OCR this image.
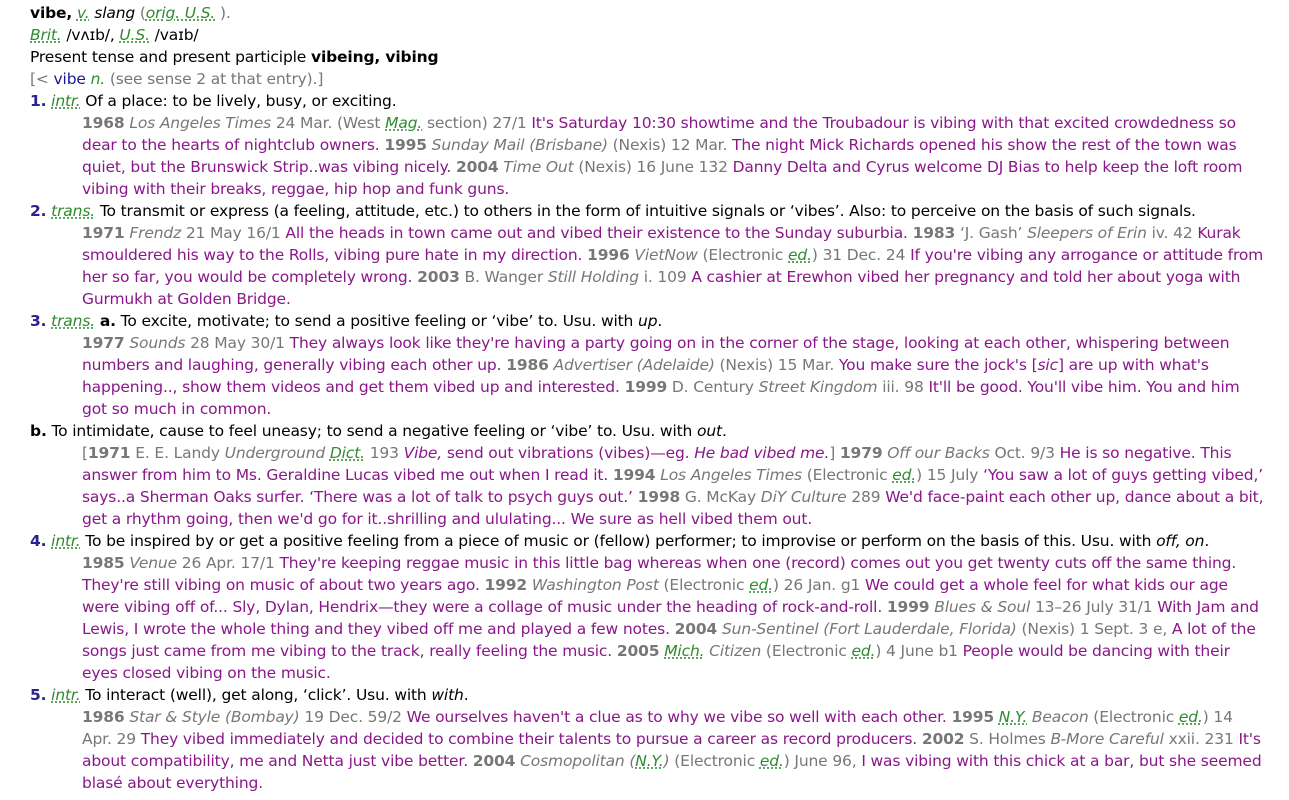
vibe, v. slang (orig. U.S. ).
Brit. /vʌɪb/, U.S. /vaɪb/
Present tense and present participle vibeing, vibing
[< vibe n. (see sense 2 at that entry).]
1. intr. Of a place: to be lively, busy, or exciting.

1968 Los Angeles Times 24 Mar. (West Mag. section) 27/1 It's Saturday 10:30 showtime and the Troubadour is vibing with that excited crowdedness so dear to the hearts of nightclub owners. 1995 Sunday Mail (Brisbane) (Nexis) 12 Mar. The night Mick Richards opened his show the rest of the town was quiet, but the Brunswick Strip..was vibing nicely. 2004 Time Out (Nexis) 16 June 132 Danny Delta and Cyrus welcome DJ Bias to help keep the loft room vibing with their breaks, reggae, hip hop and funk guns.

2. trans. To transmit or express (a feeling, attitude, etc.) to others in the form of intuitive signals or ‘vibes’. Also: to perceive on the basis of such signals.

1971 Frendz 21 May 16/1 All the heads in town came out and vibed their existence to the Sunday suburbia. 1983 ‘J. Gash’ Sleepers of Erin iv. 42 Kurak smouldered his way to the Rolls, vibing pure hate in my direction. 1996 VietNow (Electronic ed.) 31 Dec. 24 If you're vibing any arrogance or attitude from her so far, you would be completely wrong. 2003 B. Wanger Still Holding i. 109 A cashier at Erewhon vibed her pregnancy and told her about yoga with Gurmukh at Golden Bridge.

3. trans. a. To excite, motivate; to send a positive feeling or ‘vibe’ to. Usu. with up.

1977 Sounds 28 May 30/1 They always look like they're having a party going on in the corner of the stage, looking at each other, whispering between numbers and laughing, generally vibing each other up. 1986 Advertiser (Adelaide) (Nexis) 15 Mar. You make sure the jock's [sic] are up with what's happening.., show them videos and get them vibed up and interested. 1999 D. Century Street Kingdom iii. 98 It'll be good. You'll vibe him. You and him got so much in common.

b. To intimidate, cause to feel uneasy; to send a negative feeling or ‘vibe’ to. Usu. with out.

[1971 E. E. Landy Underground Dict. 193 Vibe, send out vibrations (vibes)—eg. He bad vibed me.] 1979 Off our Backs Oct. 9/3 He is so negative. This answer from him to Ms. Geraldine Lucas vibed me out when I read it. 1994 Los Angeles Times (Electronic ed.) 15 July ‘You saw a lot of guys getting vibed,’ says..a Sherman Oaks surfer. ‘There was a lot of talk to psych guys out.’ 1998 G. McKay DiY Culture 289 We'd face-paint each other up, dance about a bit, get a rhythm going, then we'd go for it..shrilling and ululating... We sure as hell vibed them out.

4. intr. To be inspired by or get a positive feeling from a piece of music or (fellow) performer; to improvise or perform on the basis of this. Usu. with off, on.

1985 Venue 26 Apr. 17/1 They're keeping reggae music in this little bag whereas when one (record) comes out you get twenty cuts off the same thing. They're still vibing on music of about two years ago. 1992 Washington Post (Electronic ed.) 26 Jan. g1 We could get a whole feel for what kids our age were vibing off of... Sly, Dylan, Hendrix—they were a collage of music under the heading of rock-and-roll. 1999 Blues & Soul 13–26 July 31/1 With Jam and Lewis, I wrote the whole thing and they vibed off me and played a few notes. 2004 Sun-Sentinel (Fort Lauderdale, Florida) (Nexis) 1 Sept. 3 e, A lot of the songs just came from me vibing to the track, really feeling the music. 2005 Mich. Citizen (Electronic ed.) 4 June b1 People would be dancing with their eyes closed vibing on the music.

5. intr. To interact (well), get along, ‘click’. Usu. with with.

1986 Star & Style (Bombay) 19 Dec. 59/2 We ourselves haven't a clue as to why we vibe so well with each other. 1995 N.Y. Beacon (Electronic ed.) 14 Apr. 29 They vibed immediately and decided to combine their talents to pursue a career as record producers. 2002 S. Holmes B-More Careful xxii. 231 It's about compatibility, me and Netta just vibe better. 2004 Cosmopolitan (N.Y.) (Electronic ed.) June 96, I was vibing with this chick at a bar, but she seemed blasé about everything.
